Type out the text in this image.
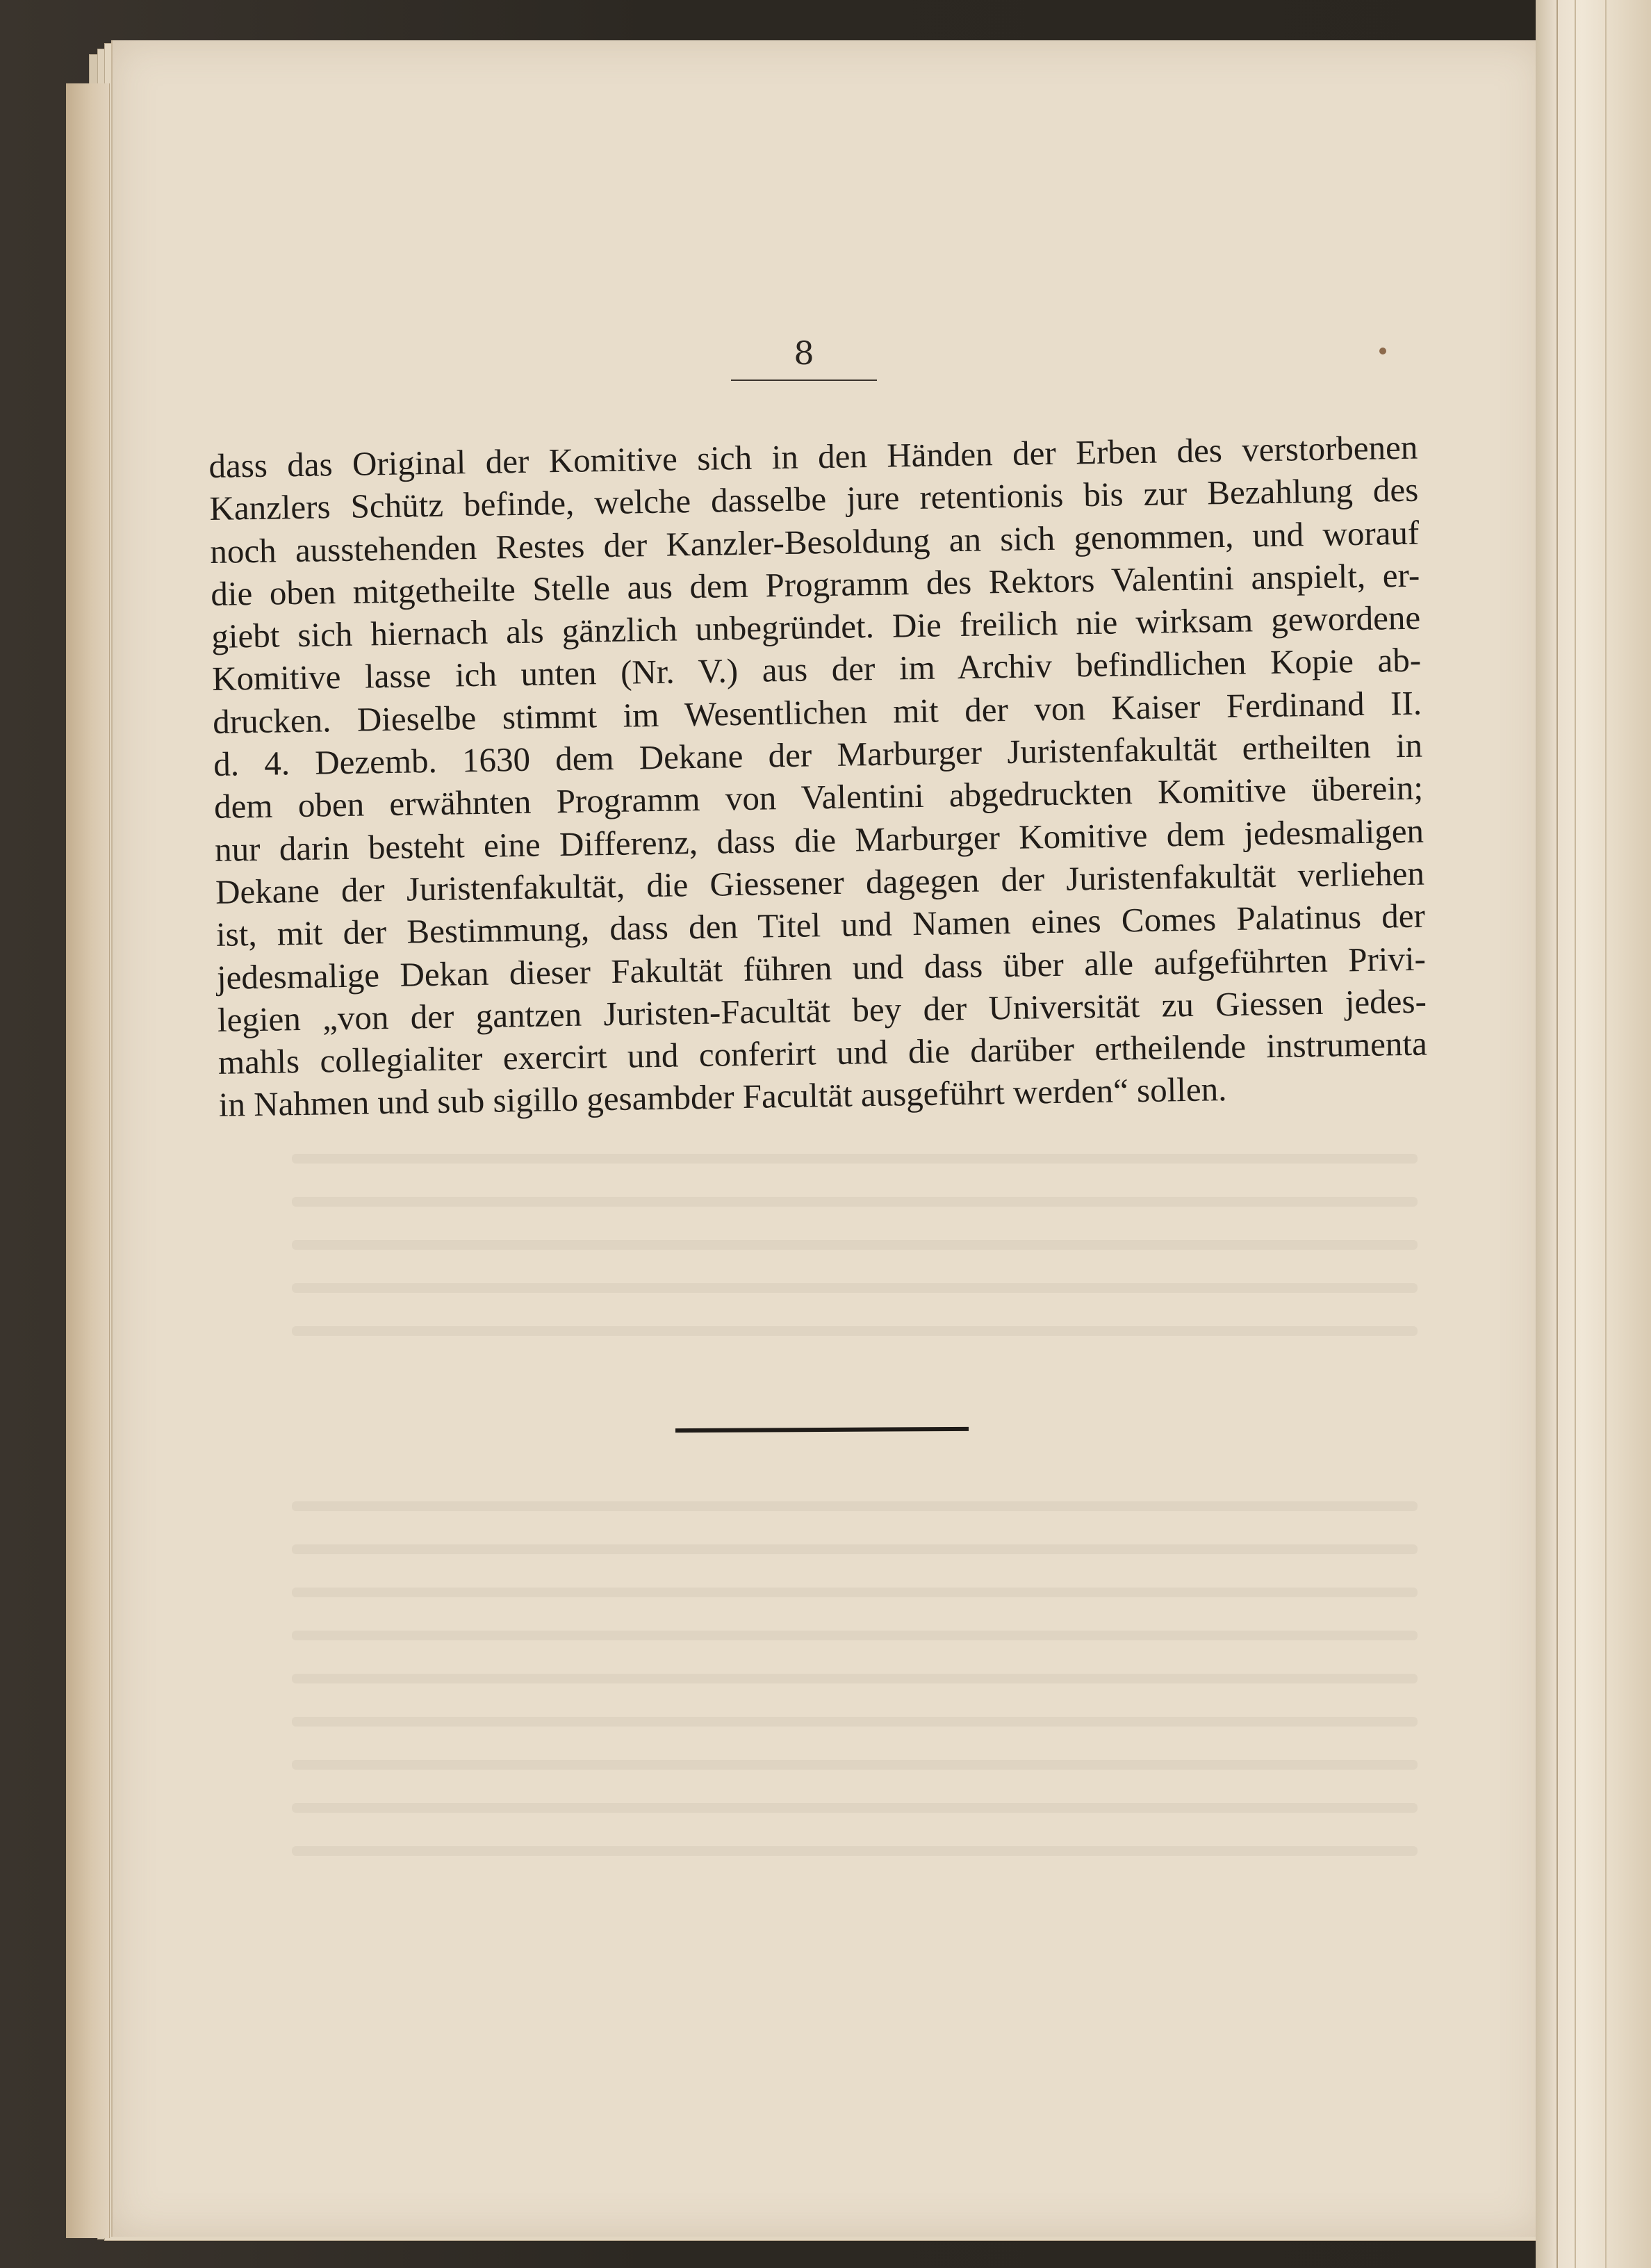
8
dass das Original der Komitive sich in den Händen der Erben des verstorbenen
Kanzlers Schütz befinde, welche dasselbe jure retentionis bis zur Bezahlung des
noch ausstehenden Restes der Kanzler-Besoldung an sich genommen, und worauf
die oben mitgetheilte Stelle aus dem Programm des Rektors Valentini anspielt, er-
giebt sich hiernach als gänzlich unbegründet. Die freilich nie wirksam gewordene
Komitive lasse ich unten (Nr. V.) aus der im Archiv befindlichen Kopie ab-
drucken. Dieselbe stimmt im Wesentlichen mit der von Kaiser Ferdinand II.
d. 4. Dezemb. 1630 dem Dekane der Marburger Juristenfakultät ertheilten in
dem oben erwähnten Programm von Valentini abgedruckten Komitive überein;
nur darin besteht eine Differenz, dass die Marburger Komitive dem jedesmaligen
Dekane der Juristenfakultät, die Giessener dagegen der Juristenfakultät verliehen
ist, mit der Bestimmung, dass den Titel und Namen eines Comes Palatinus der
jedesmalige Dekan dieser Fakultät führen und dass über alle aufgeführten Privi-
legien „von der gantzen Juristen-Facultät bey der Universität zu Giessen jedes-
mahls collegialiter exercirt und conferirt und die darüber ertheilende instrumenta
in Nahmen und sub sigillo gesambder Facultät ausgeführt werden“ sollen.
